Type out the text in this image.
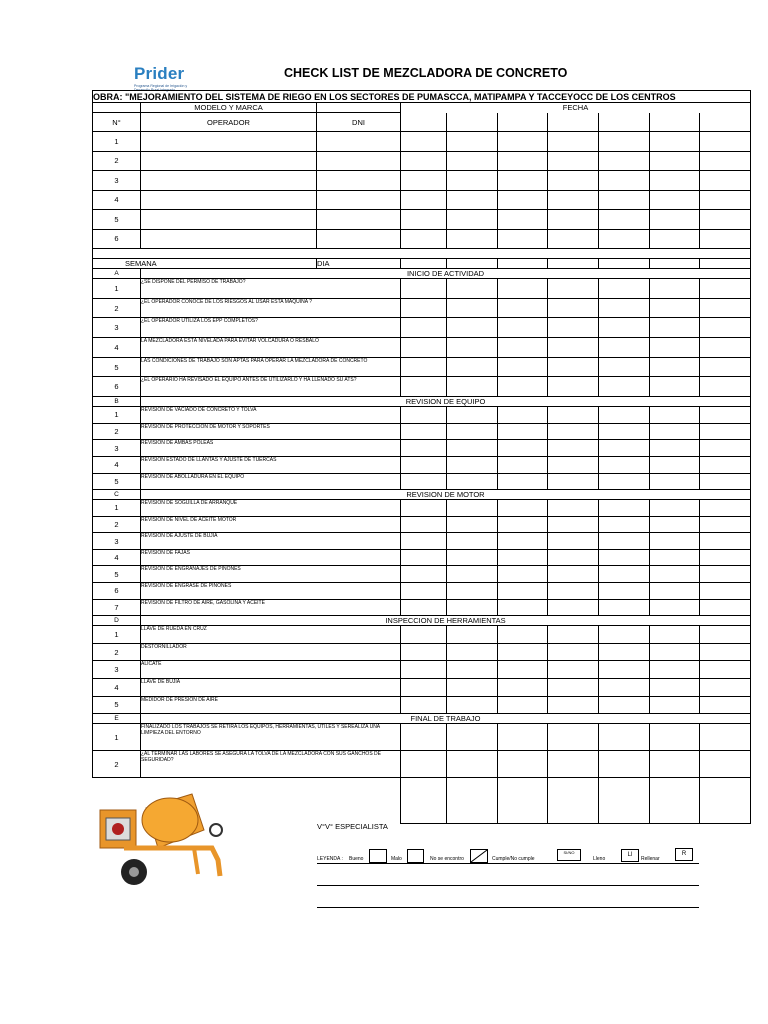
Prider
Programa Regional de Irrigación y Desarrollo Rural Integrado
CHECK LIST DE MEZCLADORA DE CONCRETO
OBRA: "MEJORAMIENTO DEL SISTEMA DE RIEGO EN LOS SECTORES DE PUMASCCA, MATIPAMPA Y TACCEYOCC DE LOS CENTROS									
	MODELO Y MARCA		FECHA						
N°	OPERADOR	DNI							
1									
2									
3									
4									
5									
6									

SEMANA		DIA							
A	INICIO DE ACTIVIDAD								
1	¿SE DISPONE DEL PERMISO DE TRABAJO?								
2	¿EL OPERADOR CONOCE DE LOS RIESGOS AL USAR ESTA MÁQUINA ?								
3	¿EL OPERADOR UTILIZA LOS EPP COMPLETOS?								
4	LA MEZCLADORA ESTÁ NIVELADA PARA EVITAR VOLCADURA O RESBALO								
5	LAS CONDICIONES DE TRABAJO SON APTAS PARA OPERAR LA MEZCLADORA DE CONCRETO								
6	¿EL OPERARIO HA REVISADO EL EQUIPO ANTES DE UTILIZARLO Y HA LLENADO SU ATS?								
B	REVISION DE EQUIPO								
1	REVISION DE VACIADO DE CONCRETO Y TOLVA								
2	REVISION DE PROTECCION DE MOTOR Y SOPORTES								
3	REVISION DE AMBAS POLEAS								
4	REVISION ESTADO DE LLANTAS Y AJUSTE DE TUERCAS								
5	REVISION DE ABOLLADURA EN EL EQUIPO								
C	REVISION DE MOTOR								
1	REVISIÓN DE SOGUILLA DE ARRANQUE								
2	REVISION DE NIVEL DE ACEITE MOTOR								
3	REVISION DE AJUSTE DE BUJIA								
4	REVISION DE FAJAS								
5	REVISION DE ENGRANAJES DE PIÑONES								
6	REVISION DE ENGRASE DE PIÑONES								
7	REVISION DE FILTRO DE AIRE, GASOLINA Y ACEITE								
D	INSPECCION DE HERRAMIENTAS								
1	LLAVE DE RUEDA EN CRUZ								
2	DESTORNILLADOR								
3	ALICATE								
4	LLAVE DE BUJIA								
5	MEDIDOR DE PRESION DE AIRE								
E	FINAL DE TRABAJO								
1	FINALIZADO LOS TRABAJOS SE RETIRA LOS EQUIPOS, HERRAMIENTAS, ÚTILES Y SEREALIZA UNA LIMPIEZA DEL ENTORNO								
2	¿AL TERMINAR LAS LABORES SE ASEGURA LA TOLVA DE LA MEZCLADORA CON SUS GANCHOS DE SEGURIDAD?								

V°V° ESPECIALISTA
LEYENDA : Bueno	Malo	No se encontro	Cumple/No cumple
SI/NO
Lleno
Ll
Rellenar
R
